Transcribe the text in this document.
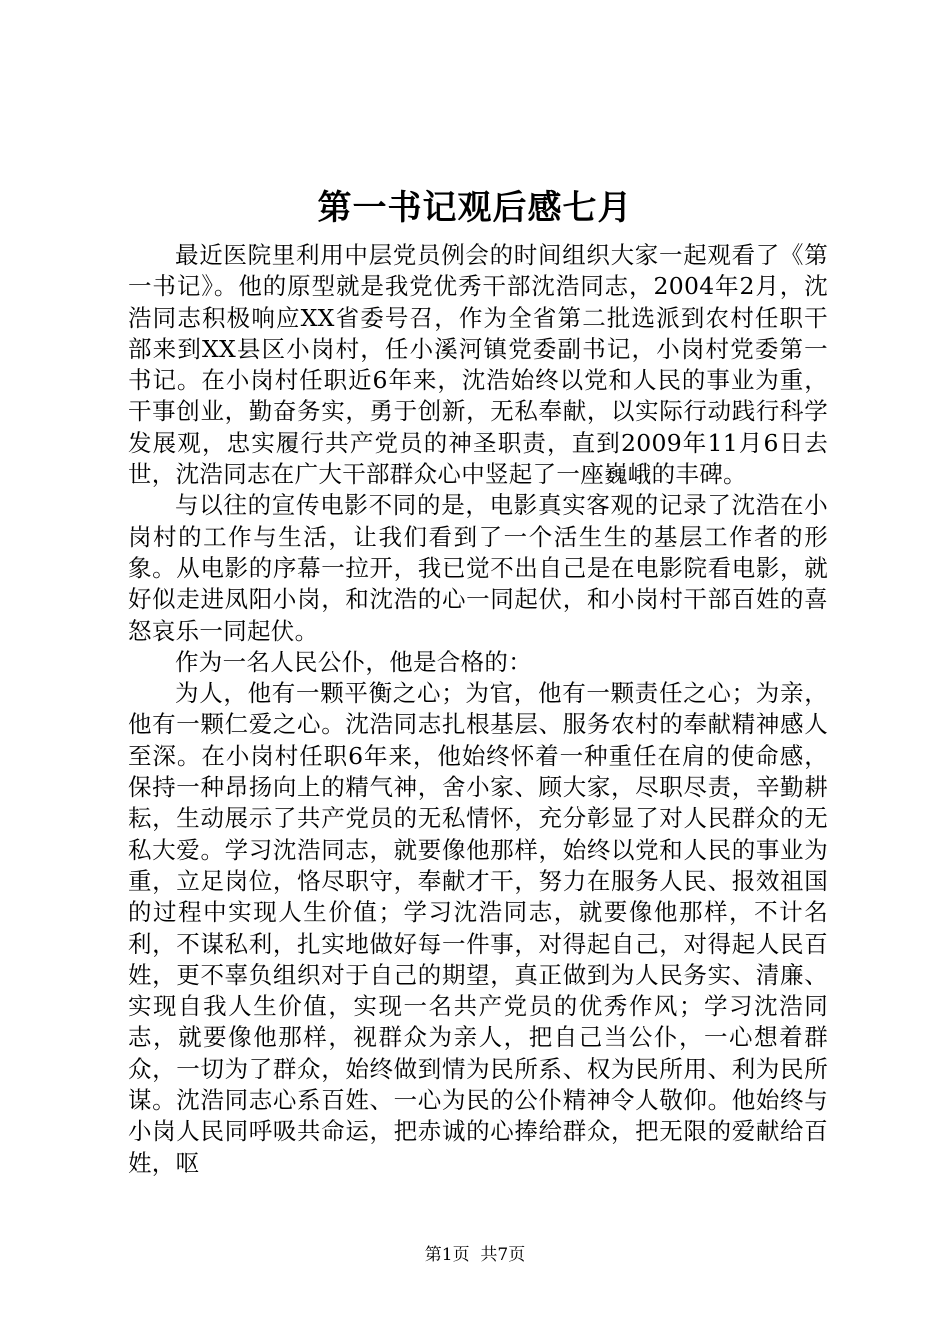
第一书记观后感七月

最近医院里利用中层党员例会的时间组织大家一起观看了《第一书记》。他的原型就是我党优秀干部沈浩同志，2004年2月，沈浩同志积极响应XX省委号召，作为全省第二批选派到农村任职干部来到XX县区小岗村，任小溪河镇党委副书记，小岗村党委第一书记。在小岗村任职近6年来，沈浩始终以党和人民的事业为重，干事创业，勤奋务实，勇于创新，无私奉献，以实际行动践行科学发展观，忠实履行共产党员的神圣职责，直到2009年11月6日去世，沈浩同志在广大干部群众心中竖起了一座巍峨的丰碑。

与以往的宣传电影不同的是，电影真实客观的记录了沈浩在小岗村的工作与生活，让我们看到了一个活生生的基层工作者的形象。从电影的序幕一拉开，我已觉不出自己是在电影院看电影，就好似走进凤阳小岗，和沈浩的心一同起伏，和小岗村干部百姓的喜怒哀乐一同起伏。

作为一名人民公仆，他是合格的：

为人，他有一颗平衡之心；为官，他有一颗责任之心；为亲，他有一颗仁爱之心。沈浩同志扎根基层、服务农村的奉献精神感人至深。在小岗村任职6年来，他始终怀着一种重任在肩的使命感，保持一种昂扬向上的精气神，舍小家、顾大家，尽职尽责，辛勤耕耘，生动展示了共产党员的无私情怀，充分彰显了对人民群众的无私大爱。学习沈浩同志，就要像他那样，始终以党和人民的事业为重，立足岗位，恪尽职守，奉献才干，努力在服务人民、报效祖国的过程中实现人生价值；学习沈浩同志，就要像他那样，不计名利，不谋私利，扎实地做好每一件事，对得起自己，对得起人民百姓，更不辜负组织对于自己的期望，真正做到为人民务实、清廉、实现自我人生价值，实现一名共产党员的优秀作风；学习沈浩同志，就要像他那样，视群众为亲人，把自己当公仆，一心想着群众，一切为了群众，始终做到情为民所系、权为民所用、利为民所谋。沈浩同志心系百姓、一心为民的公仆精神令人敬仰。他始终与小岗人民同呼吸共命运，把赤诚的心捧给群众，把无限的爱献给百姓，呕

第1页 共7页
